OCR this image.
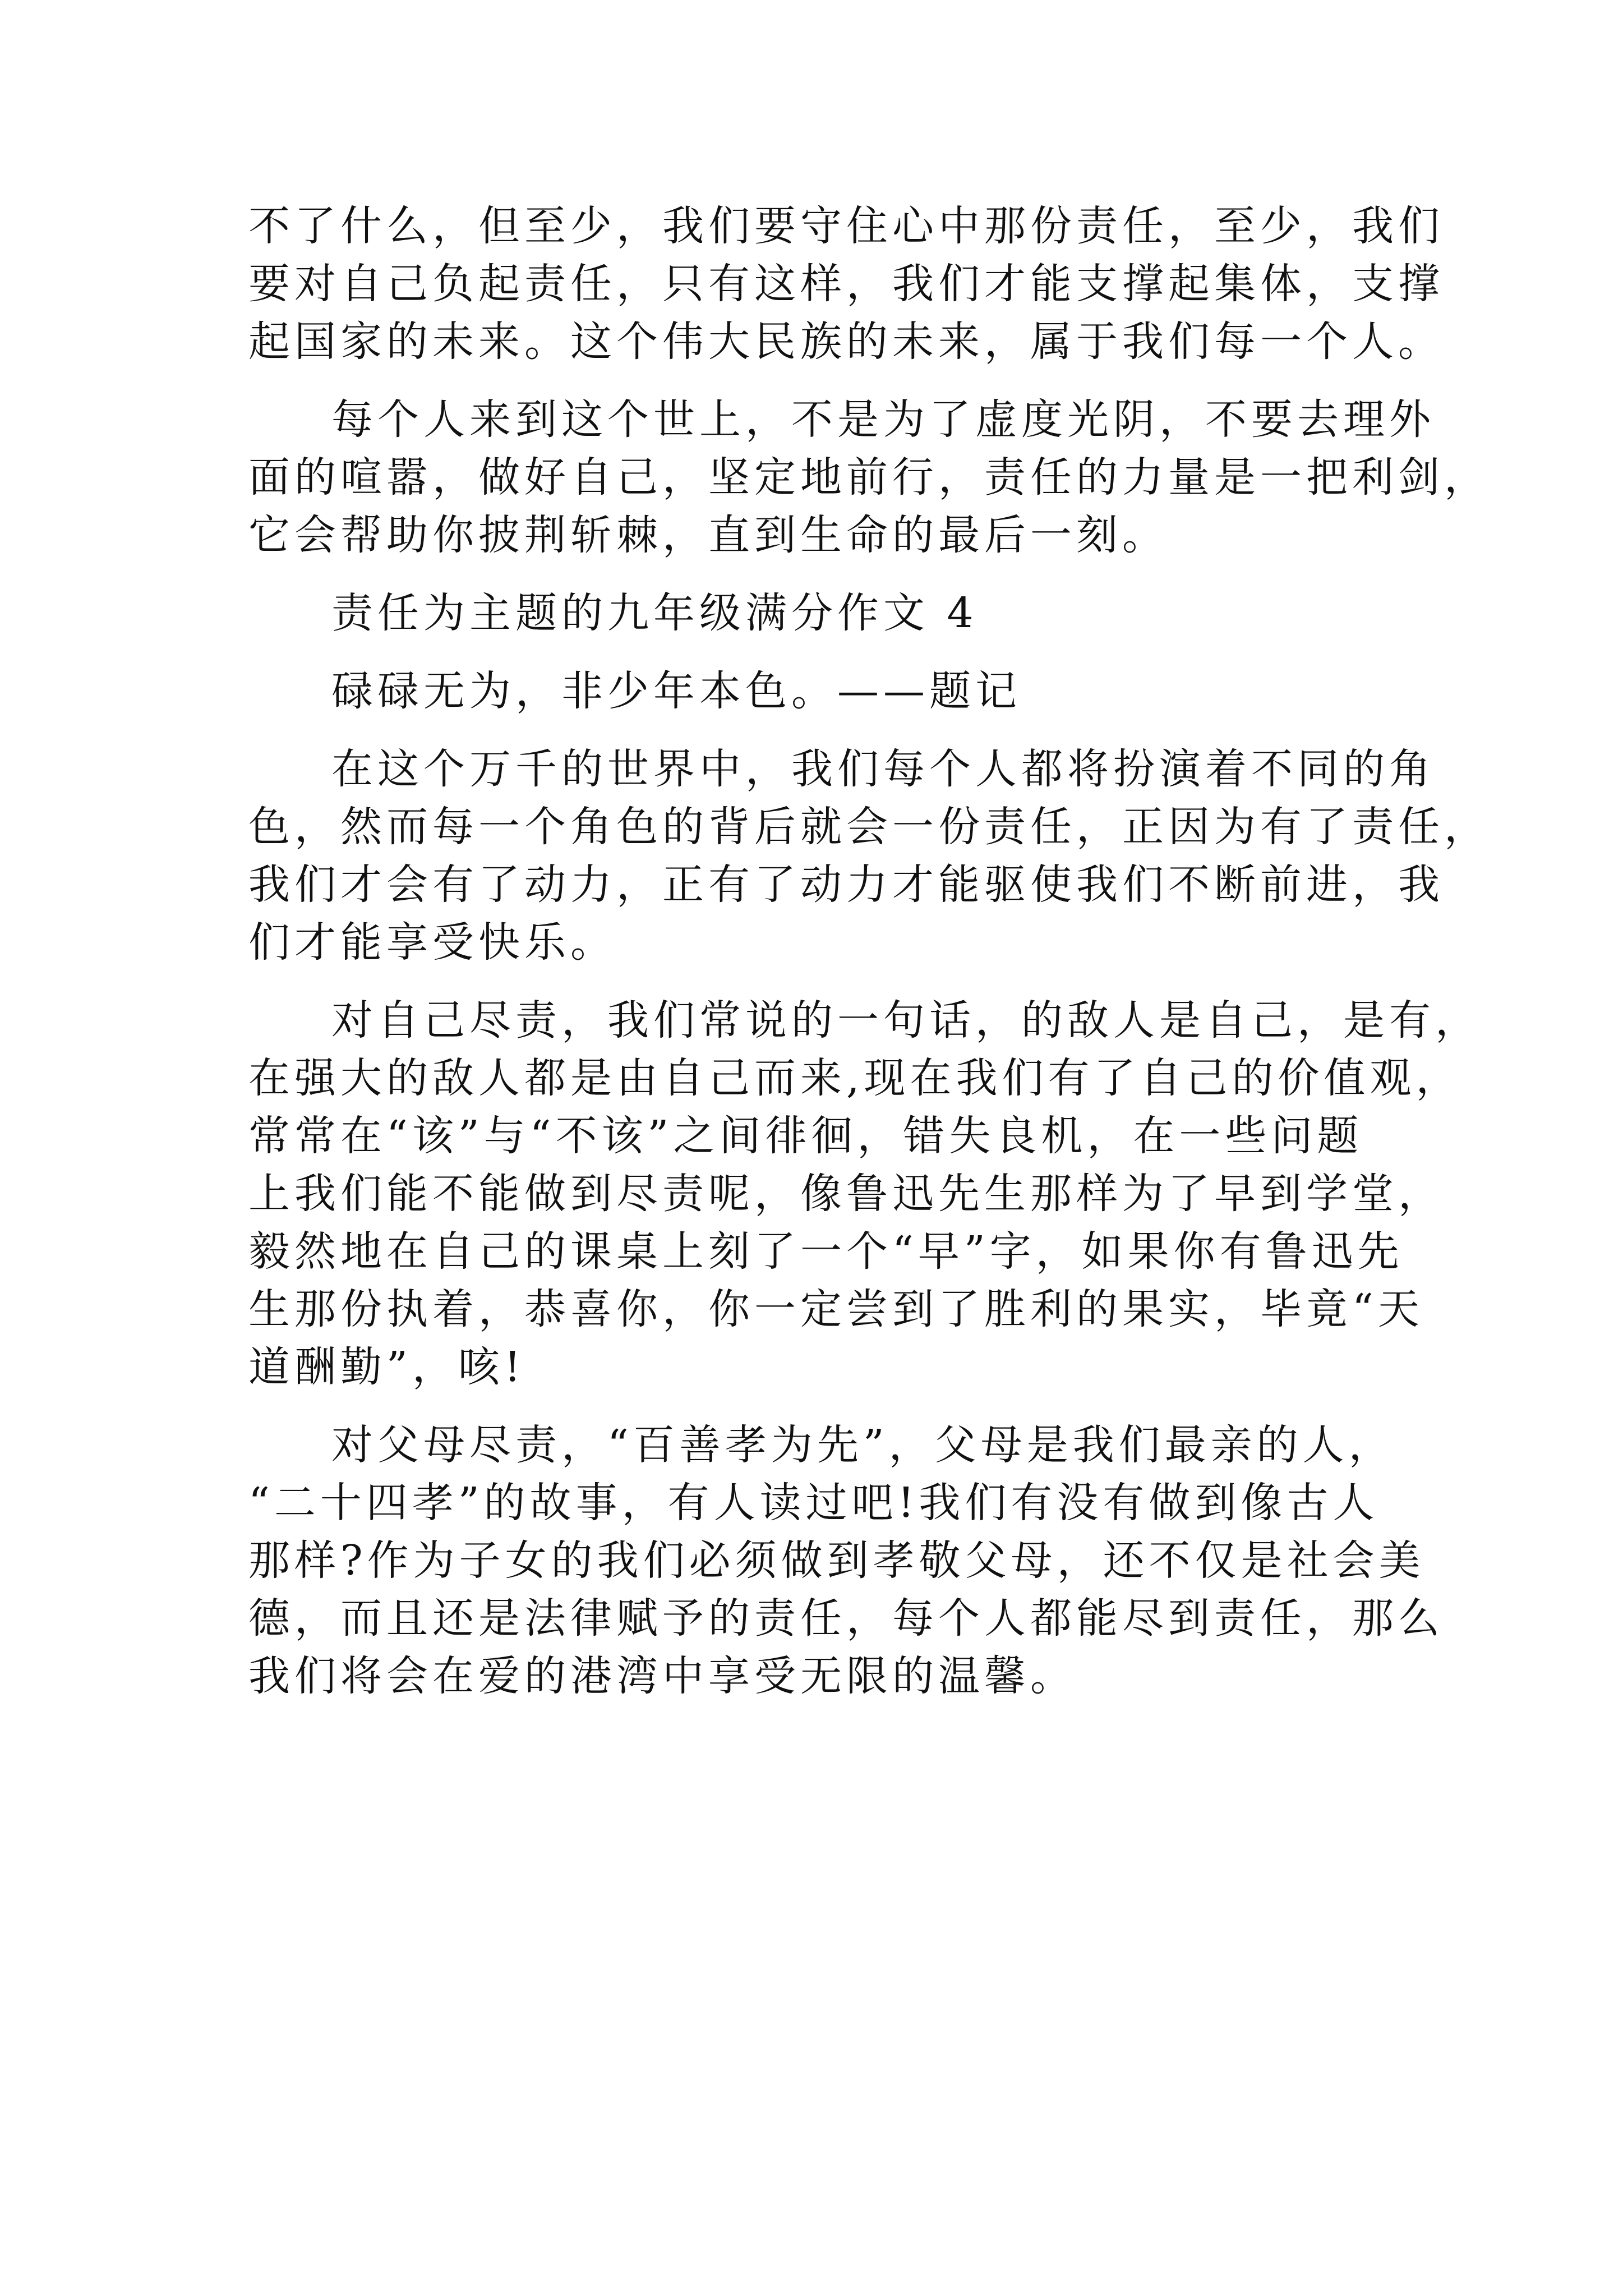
不了什么，但至少，我们要守住心中那份责任，至少，我们
要对自己负起责任，只有这样，我们才能支撑起集体，支撑
起国家的未来。这个伟大民族的未来，属于我们每一个人。

每个人来到这个世上，不是为了虚度光阴，不要去理外
面的喧嚣，做好自己，坚定地前行，责任的力量是一把利剑，
它会帮助你披荆斩棘，直到生命的最后一刻。

责任为主题的九年级满分作文 4

碌碌无为，非少年本色。——题记

在这个万千的世界中，我们每个人都将扮演着不同的角
色，然而每一个角色的背后就会一份责任，正因为有了责任，
我们才会有了动力，正有了动力才能驱使我们不断前进，我
们才能享受快乐。

对自己尽责，我们常说的一句话，的敌人是自己，是有，
在强大的敌人都是由自己而来,现在我们有了自己的价值观，
常常在“该”与“不该”之间徘徊，错失良机，在一些问题
上我们能不能做到尽责呢，像鲁迅先生那样为了早到学堂，
毅然地在自己的课桌上刻了一个“早”字，如果你有鲁迅先
生那份执着，恭喜你，你一定尝到了胜利的果实，毕竟“天
道酬勤”，咳!

对父母尽责，“百善孝为先”，父母是我们最亲的人，
“二十四孝”的故事，有人读过吧!我们有没有做到像古人
那样?作为子女的我们必须做到孝敬父母，还不仅是社会美
德，而且还是法律赋予的责任，每个人都能尽到责任，那么
我们将会在爱的港湾中享受无限的温馨。
